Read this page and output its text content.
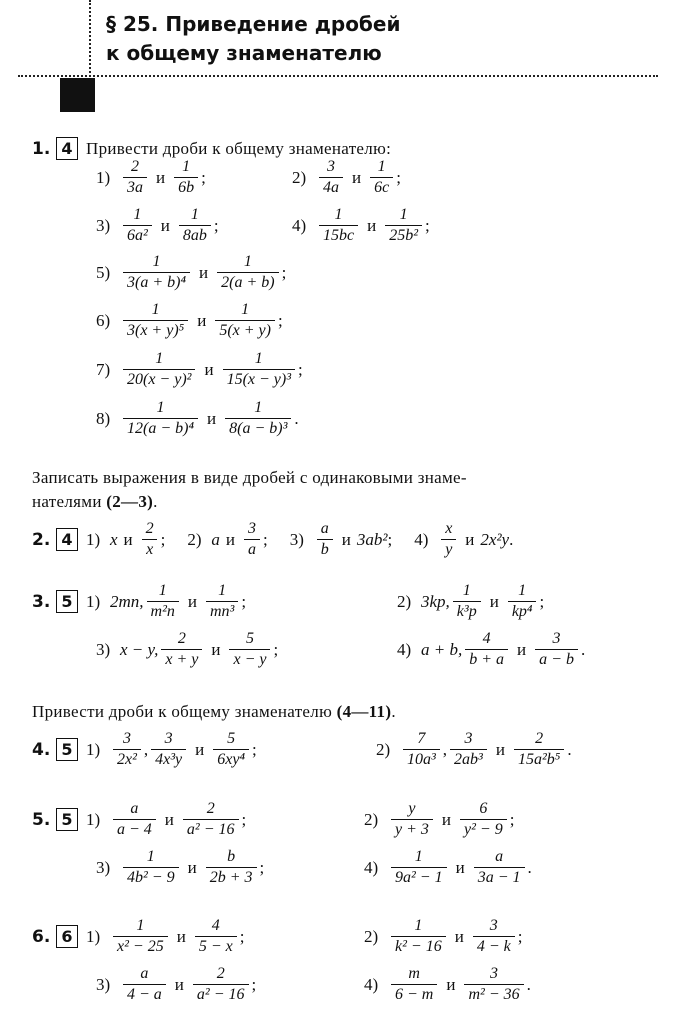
§ 25. Приведение дробей
к общему знаменателю
1. 4 Привести дроби к общему знаменателю:
$1) \frac{2}{3a}$ и $\frac{1}{6b}$ ;	$2) \frac{3}{4a}$ и $\frac{1}{6c}$ ;
$3) \frac{1}{\text{6a²}}$ и $\frac{1}{8ab}$ ;	$4) \frac{1}{15bc}$ и $\frac{1}{\text{25b²}}$ ;
$5) \frac{1}{\text{3(a + b)⁴}}$ и $\frac{1}{2(a + b)}$ ;
$6) \frac{1}{\text{3(x + y)⁵}}$ и $\frac{1}{5(x + y)}$ ;
$7) \frac{1}{\text{20(x − y)²}}$ и $\frac{1}{\text{15(x − y)³}}$ ;
$8) \frac{1}{\text{12(a − b)⁴}}$ и $\frac{1}{\text{8(a − b)³}}$ .
Записать выражения в виде дробей с одинаковыми знаме-
нателями (2—3).
2. 4 1) x и $\frac{2}{x}$ ; 2) a и $\frac{3}{a}$ ; $3) \frac{a}{b}$ и 3ab² ; $4) \frac{x}{y}$ и 2x²y .
3. 5 1) 2mn, $\frac{1}{\text{m²n}}$ и $\frac{1}{\text{mn³}}$ ;	2) 3kp, $\frac{1}{\text{k³p}}$ и $\frac{1}{\text{kp⁴}}$ ;
3) x − y, $\frac{2}{x + y}$ и $\frac{5}{x - y}$ ;	4) a + b, $\frac{4}{b + a}$ и $\frac{3}{a - b}$ .
Привести дроби к общему знаменателю (4—11).
4. 5 $1) \frac{3}{\text{2x²}}$ , $\frac{3}{\text{4x³y}}$ и $\frac{5}{\text{6xy⁴}}$ ;	$2) \frac{7}{\text{10a³}}$ , $\frac{3}{\text{2ab³}}$ и $\frac{2}{\text{15a²b⁵}}$ .
5. 5 $1) \frac{a}{a - 4}$ и $\frac{2}{\text{a² − 16}}$ ;	$2) \frac{y}{y + 3}$ и $\frac{6}{\text{y² − 9}}$ ;
$3) \frac{1}{\text{4b² − 9}}$ и $\frac{b}{2b + 3}$ ;	$4) \frac{1}{\text{9a² − 1}}$ и $\frac{a}{3a - 1}$ .
6. 6 $1) \frac{1}{\text{x² − 25}}$ и $\frac{4}{5 - x}$ ;	$2) \frac{1}{\text{k² − 16}}$ и $\frac{3}{4 - k}$ ;
$3) \frac{a}{4 - a}$ и $\frac{2}{\text{a² − 16}}$ ;	$4) \frac{m}{6 - m}$ и $\frac{3}{\text{m² − 36}}$ .
